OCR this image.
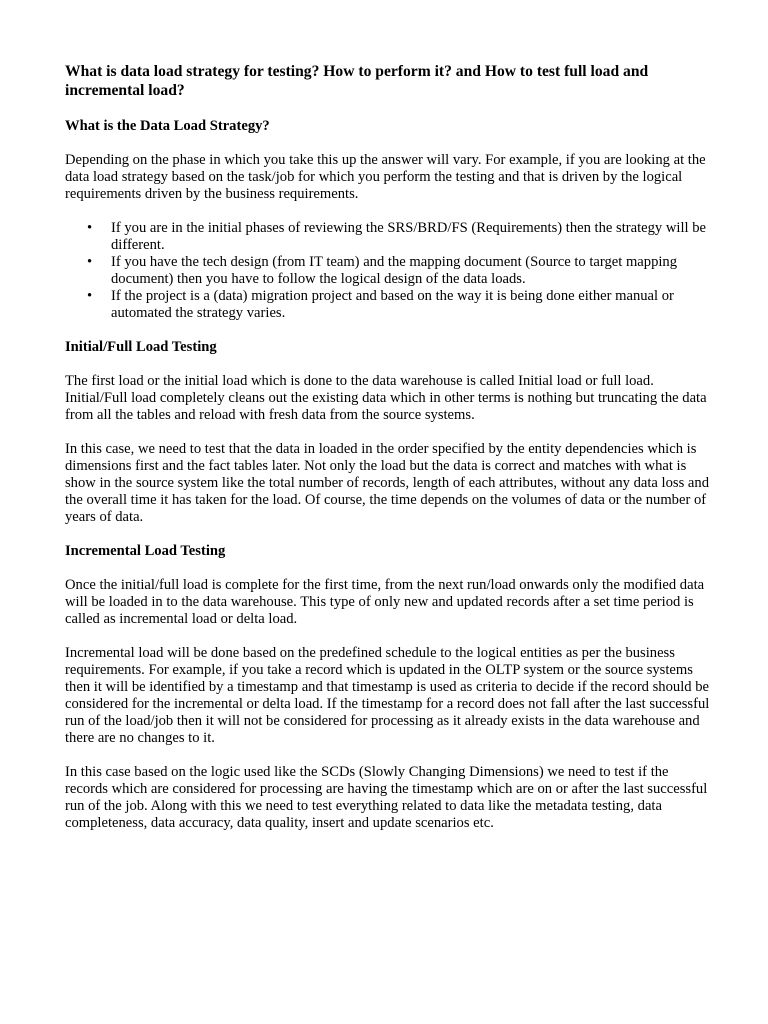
What is data load strategy for testing? How to perform it? and How to test full load and incremental load?
What is the Data Load Strategy?

Depending on the phase in which you take this up the answer will vary. For example, if you are looking at the data load strategy based on the task/job for which you perform the testing and that is driven by the logical requirements driven by the business requirements.

• If you are in the initial phases of reviewing the SRS/BRD/FS (Requirements) then the strategy will be different.
• If you have the tech design (from IT team) and the mapping document (Source to target mapping document) then you have to follow the logical design of the data loads.
• If the project is a (data) migration project and based on the way it is being done either manual or automated the strategy varies.
Initial/Full Load Testing

The first load or the initial load which is done to the data warehouse is called Initial load or full load. Initial/Full load completely cleans out the existing data which in other terms is nothing but truncating the data from all the tables and reload with fresh data from the source systems.

In this case, we need to test that the data in loaded in the order specified by the entity dependencies which is dimensions first and the fact tables later. Not only the load but the data is correct and matches with what is show in the source system like the total number of records, length of each attributes, without any data loss and the overall time it has taken for the load. Of course, the time depends on the volumes of data or the number of years of data.

Incremental Load Testing

Once the initial/full load is complete for the first time, from the next run/load onwards only the modified data will be loaded in to the data warehouse. This type of only new and updated records after a set time period is called as incremental load or delta load.

Incremental load will be done based on the predefined schedule to the logical entities as per the business requirements. For example, if you take a record which is updated in the OLTP system or the source systems then it will be identified by a timestamp and that timestamp is used as criteria to decide if the record should be considered for the incremental or delta load. If the timestamp for a record does not fall after the last successful run of the load/job then it will not be considered for processing as it already exists in the data warehouse and there are no changes to it.

In this case based on the logic used like the SCDs (Slowly Changing Dimensions) we need to test if the records which are considered for processing are having the timestamp which are on or after the last successful run of the job. Along with this we need to test everything related to data like the metadata testing, data completeness, data accuracy, data quality, insert and update scenarios etc.
